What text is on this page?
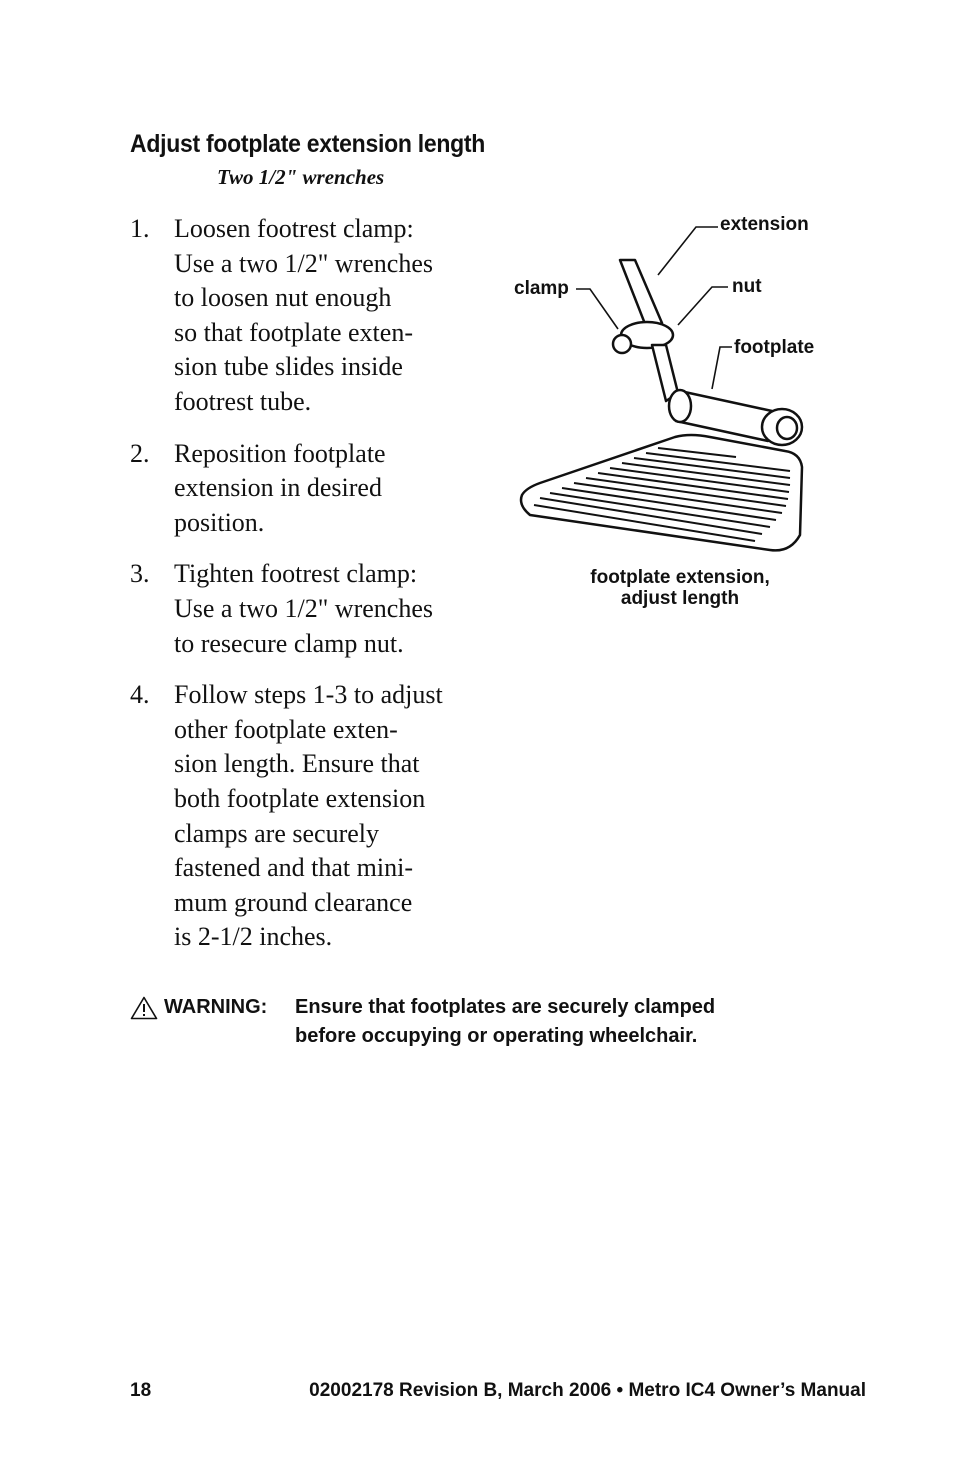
Adjust footplate extension length
Two 1/2" wrenches
1. Loosen footrest clamp:
Use a two 1/2" wrenches
to loosen nut enough
so that footplate exten-
sion tube slides inside
footrest tube.
2. Reposition footplate
extension in desired
position.
3. Tighten footrest clamp:
Use a two 1/2" wrenches
to resecure clamp nut.
4. Follow steps 1-3 to adjust
other footplate exten-
sion length. Ensure that
both footplate extension
clamps are securely
fastened and that mini-
mum ground clearance
is 2-1/2 inches.
extension
clamp	nut
footplate
footplate extension,
adjust length
WARNING: Ensure that footplates are securely clamped
before occupying or operating wheelchair.
18	02002178 Revision B, March 2006 • Metro IC4 Owner’s Manual
